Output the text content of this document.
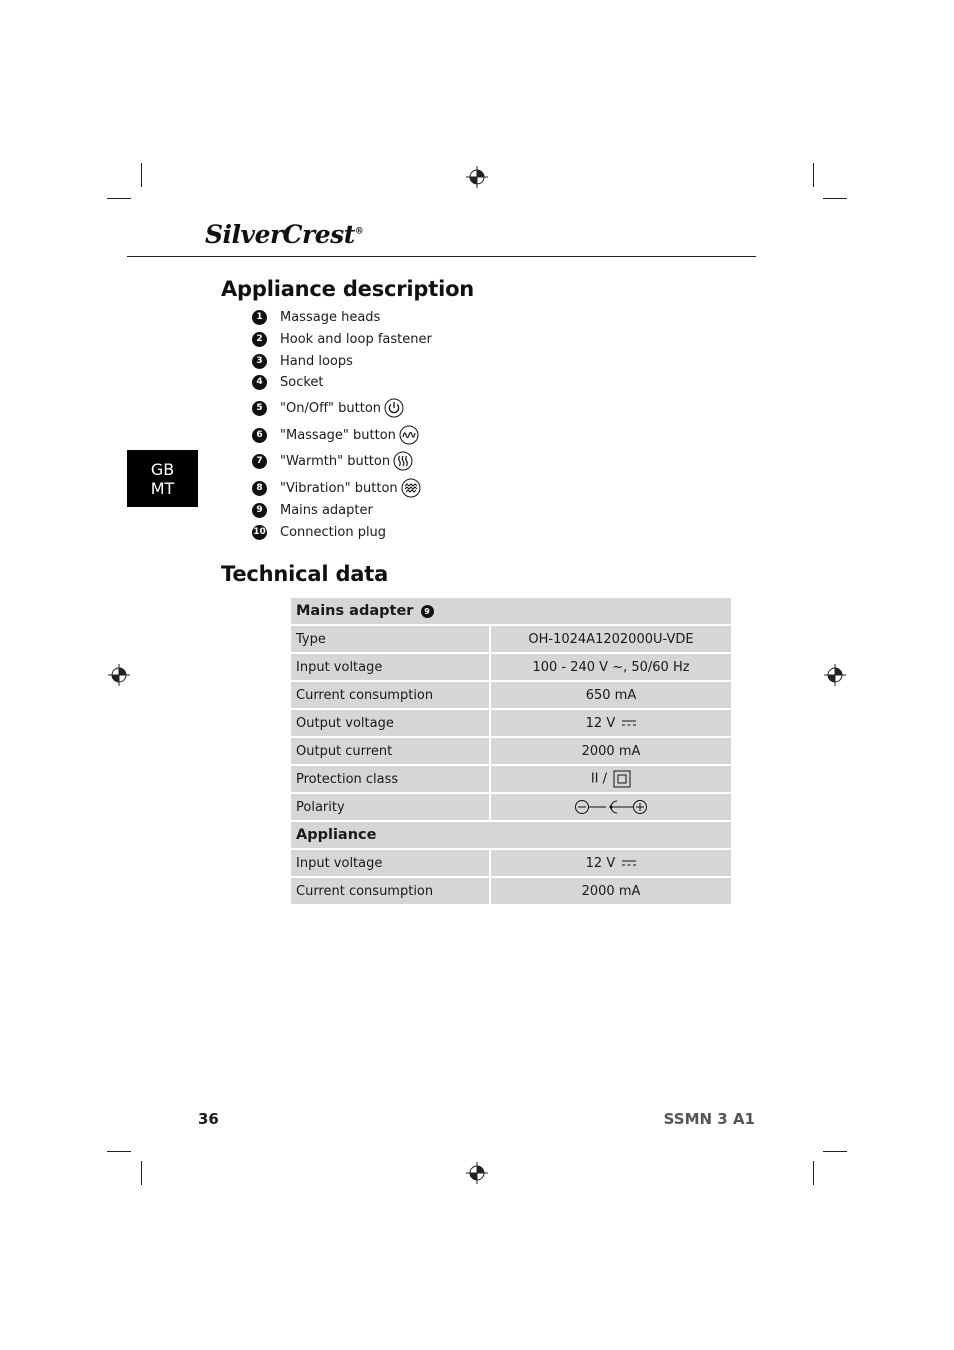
SilverCrest®
GB
MT
Appliance description
1	Massage heads
2	Hook and loop fastener
3	Hand loops
4	Socket
5	"On/Off" button
6	"Massage" button
7	"Warmth" button
8	"Vibration" button
9	Mains adapter
10 Connection plug
Technical data
Mains adapter 9	
Type	OH-1024A1202000U-VDE
Input voltage	100 - 240 V ~, 50/60 Hz
Current consumption	650 mA
Output voltage	12 V
Output current	2000 mA
Protection class	II /
Polarity	
Appliance	
Input voltage	12 V
Current consumption	2000 mA
36	SSMN 3 A1
